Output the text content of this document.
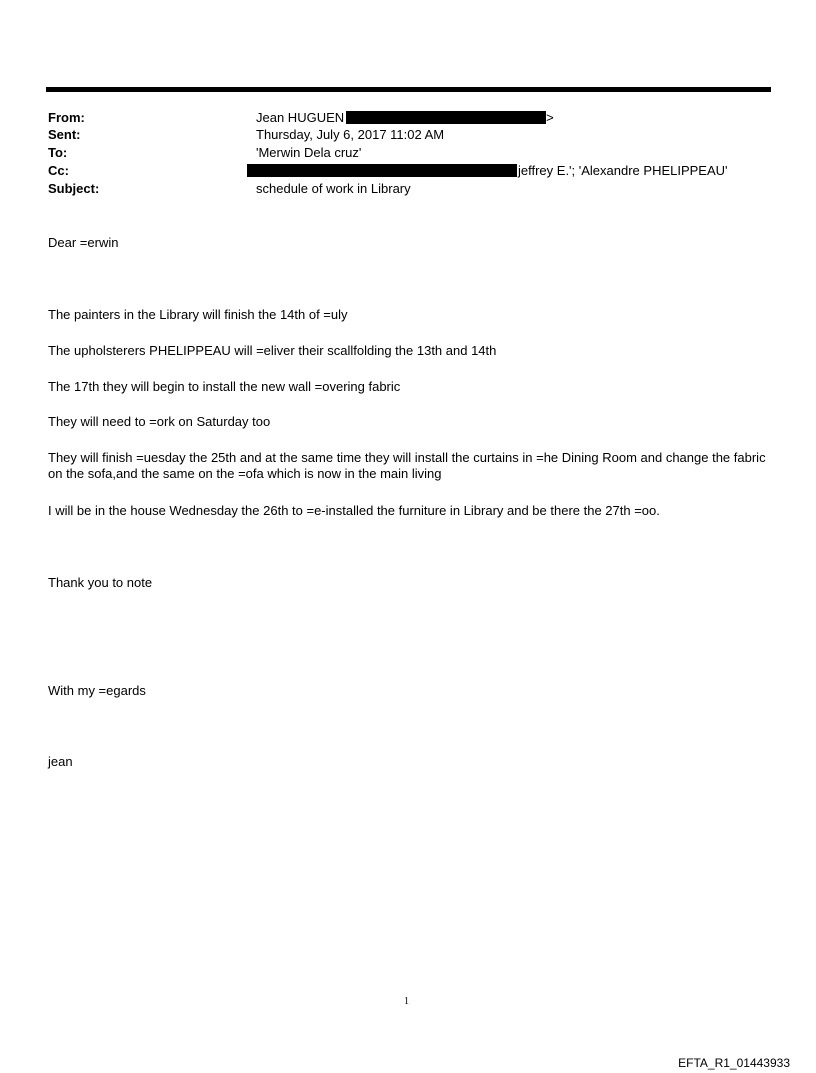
From:	Jean HUGUEN	>
Sent:	Thursday, July 6, 2017 11:02 AM
To:	'Merwin Dela cruz'
Cc:	jeffrey E.'; 'Alexandre PHELIPPEAU'
Subject:	schedule of work in Library
Dear =erwin
The painters in the Library will finish the 14th of =uly
The upholsterers PHELIPPEAU will =eliver their scallfolding the 13th and 14th
The 17th they will begin to install the new wall =overing fabric
They will need to =ork on Saturday too
They will finish =uesday the 25th and at the same time they will install the curtains in =he Dining Room and change the fabric on the sofa,and the same on the =ofa which is now in the main living
I will be in the house Wednesday the 26th to =e-installed the furniture in Library and be there the 27th =oo.
Thank you to note
With my =egards
jean
1
EFTA_R1_01443933
